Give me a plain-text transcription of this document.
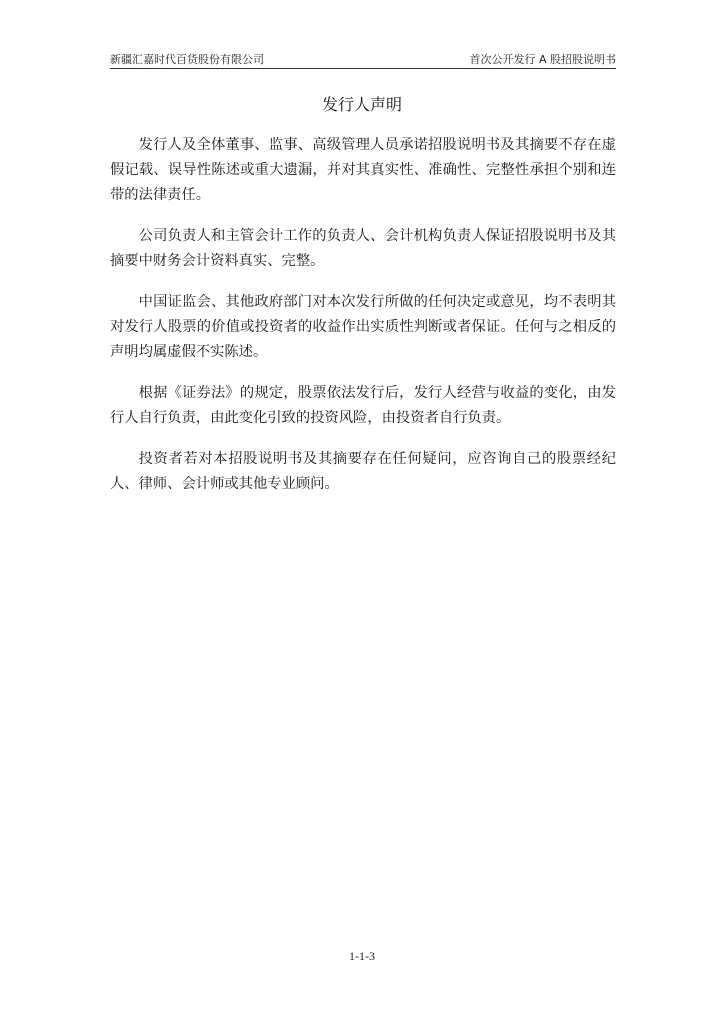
新疆汇嘉时代百货股份有限公司	首次公开发行 A 股招股说明书
发行人声明

发行人及全体董事、监事、高级管理人员承诺招股说明书及其摘要不存在虚假记载、误导性陈述或重大遗漏，并对其真实性、准确性、完整性承担个别和连带的法律责任。

公司负责人和主管会计工作的负责人、会计机构负责人保证招股说明书及其摘要中财务会计资料真实、完整。

中国证监会、其他政府部门对本次发行所做的任何决定或意见，均不表明其对发行人股票的价值或投资者的收益作出实质性判断或者保证。任何与之相反的声明均属虚假不实陈述。

根据《证券法》的规定，股票依法发行后，发行人经营与收益的变化，由发行人自行负责，由此变化引致的投资风险，由投资者自行负责。

投资者若对本招股说明书及其摘要存在任何疑问，应咨询自己的股票经纪人、律师、会计师或其他专业顾问。

1-1-3
